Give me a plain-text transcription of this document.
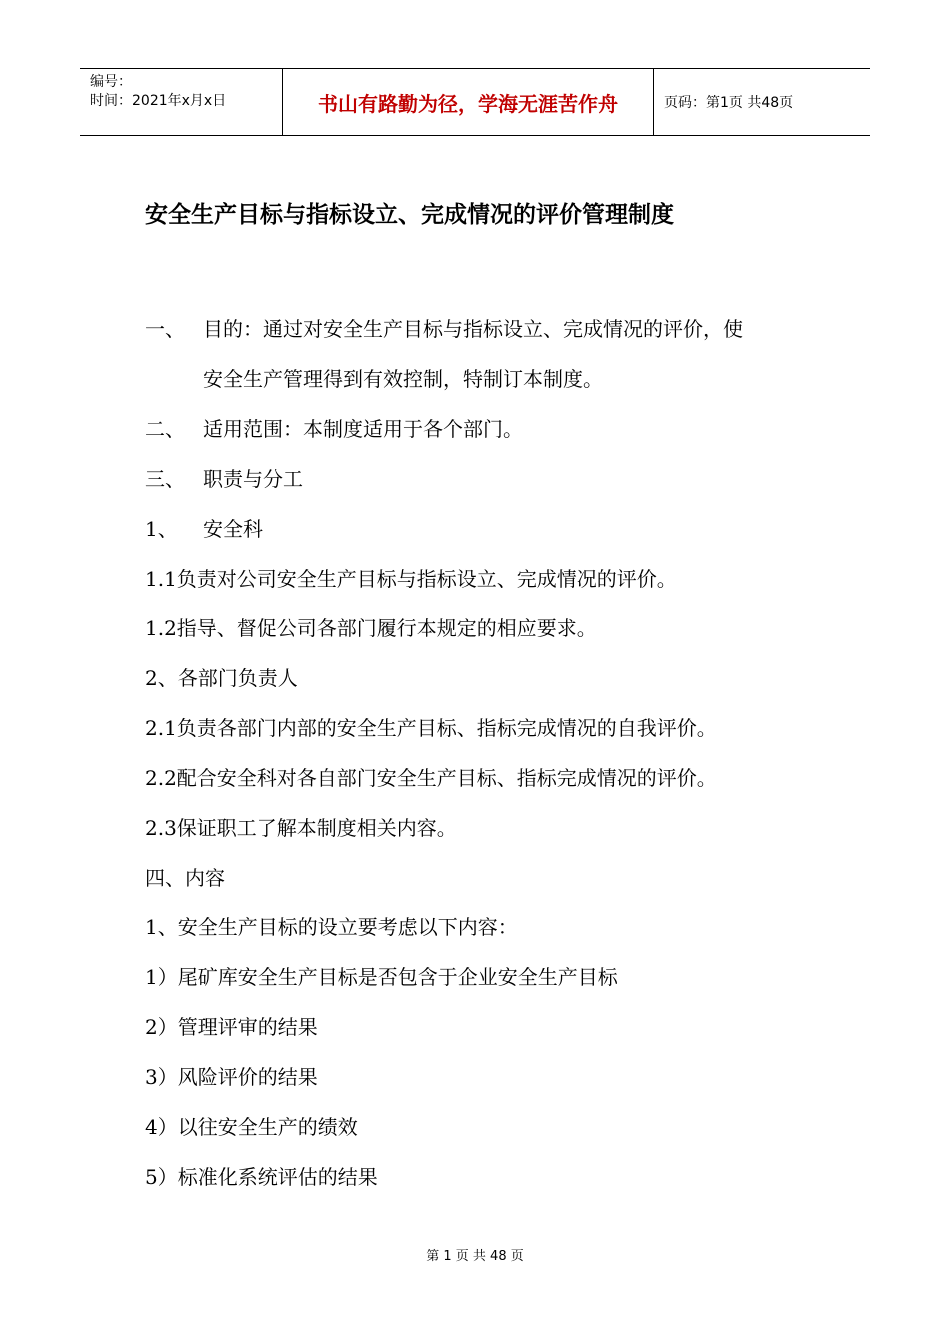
编号：
时间：2021年x月x日	书山有路勤为径，学海无涯苦作舟	页码：第1页 共48页
安全生产目标与指标设立、完成情况的评价管理制度
一、 目的：通过对安全生产目标与指标设立、完成情况的评价，使
安全生产管理得到有效控制，特制订本制度。
二、 适用范围：本制度适用于各个部门。
三、 职责与分工
1、 安全科
1.1负责对公司安全生产目标与指标设立、完成情况的评价。
1.2指导、督促公司各部门履行本规定的相应要求。
2、各部门负责人
2.1负责各部门内部的安全生产目标、指标完成情况的自我评价。
2.2配合安全科对各自部门安全生产目标、指标完成情况的评价。
2.3保证职工了解本制度相关内容。
四、内容
1、安全生产目标的设立要考虑以下内容：
1）尾矿库安全生产目标是否包含于企业安全生产目标
2）管理评审的结果
3）风险评价的结果
4）以往安全生产的绩效
5）标准化系统评估的结果
第 1 页 共 48 页
